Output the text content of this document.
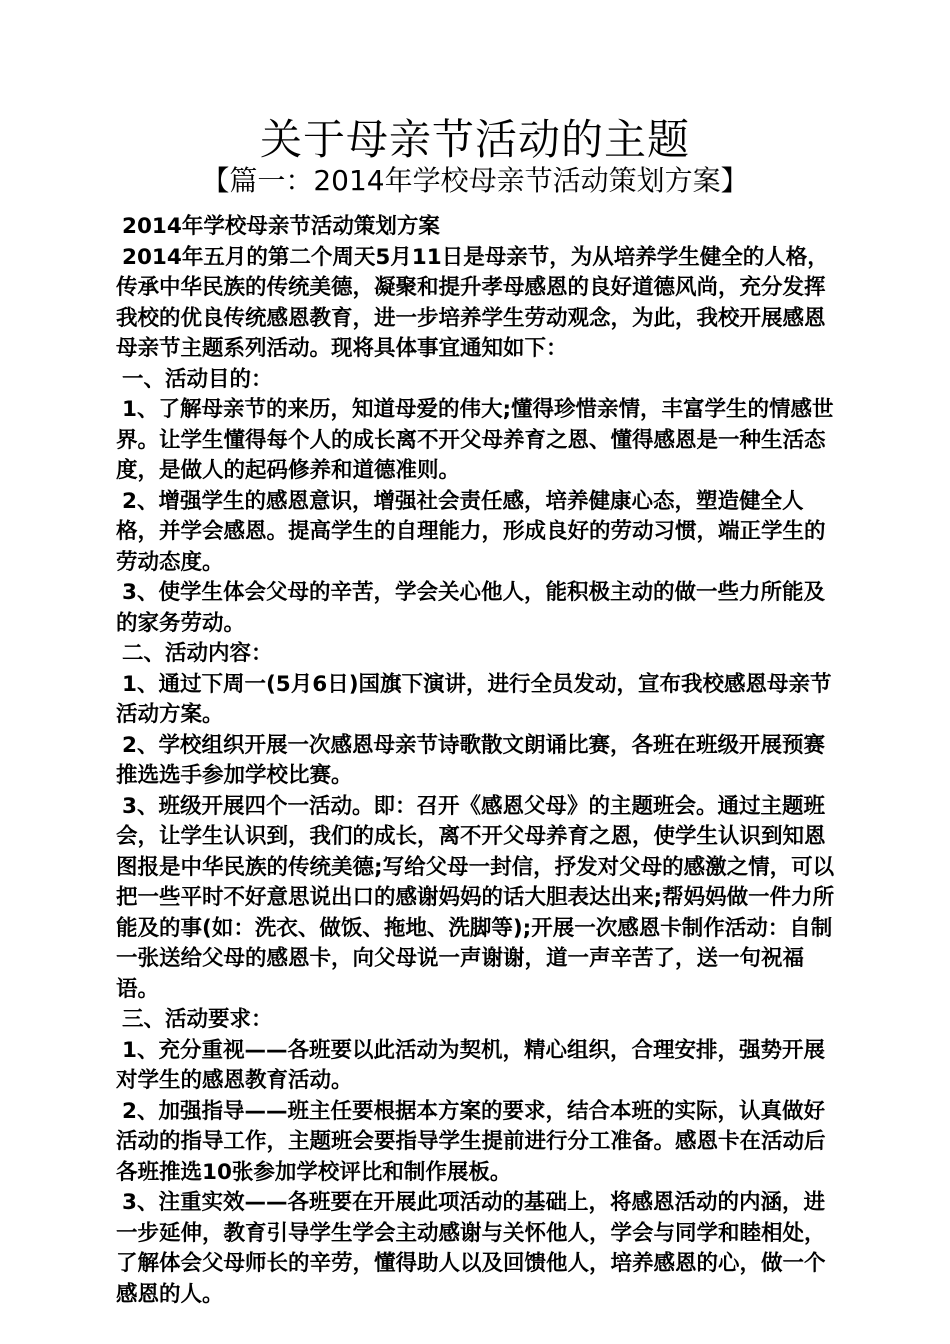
关于母亲节活动的主题
【篇一：2014年学校母亲节活动策划方案】

2014年学校母亲节活动策划方案

2014年五月的第二个周天5月11日是母亲节，为从培养学生健全的人格，传承中华民族的传统美德，凝聚和提升孝母感恩的良好道德风尚，充分发挥我校的优良传统感恩教育，进一步培养学生劳动观念，为此，我校开展感恩母亲节主题系列活动。现将具体事宜通知如下：

一、活动目的：

1、了解母亲节的来历，知道母爱的伟大;懂得珍惜亲情，丰富学生的情感世界。让学生懂得每个人的成长离不开父母养育之恩、懂得感恩是一种生活态度，是做人的起码修养和道德准则。

2、增强学生的感恩意识，增强社会责任感，培养健康心态，塑造健全人格，并学会感恩。提高学生的自理能力，形成良好的劳动习惯，端正学生的劳动态度。

3、使学生体会父母的辛苦，学会关心他人，能积极主动的做一些力所能及的家务劳动。

二、活动内容：

1、通过下周一(5月6日)国旗下演讲，进行全员发动，宣布我校感恩母亲节活动方案。

2、学校组织开展一次感恩母亲节诗歌散文朗诵比赛，各班在班级开展预赛推选选手参加学校比赛。

3、班级开展四个一活动。即：召开《感恩父母》的主题班会。通过主题班会，让学生认识到，我们的成长，离不开父母养育之恩，使学生认识到知恩图报是中华民族的传统美德;写给父母一封信，抒发对父母的感激之情，可以把一些平时不好意思说出口的感谢妈妈的话大胆表达出来;帮妈妈做一件力所能及的事(如：洗衣、做饭、拖地、洗脚等);开展一次感恩卡制作活动：自制一张送给父母的感恩卡，向父母说一声谢谢，道一声辛苦了，送一句祝福语。

三、活动要求：

1、充分重视——各班要以此活动为契机，精心组织，合理安排，强势开展对学生的感恩教育活动。

2、加强指导——班主任要根据本方案的要求，结合本班的实际，认真做好活动的指导工作，主题班会要指导学生提前进行分工准备。感恩卡在活动后各班推选10张参加学校评比和制作展板。

3、注重实效——各班要在开展此项活动的基础上，将感恩活动的内涵，进一步延伸，教育引导学生学会主动感谢与关怀他人，学会与同学和睦相处，了解体会父母师长的辛劳，懂得助人以及回馈他人，培养感恩的心，做一个感恩的人。
